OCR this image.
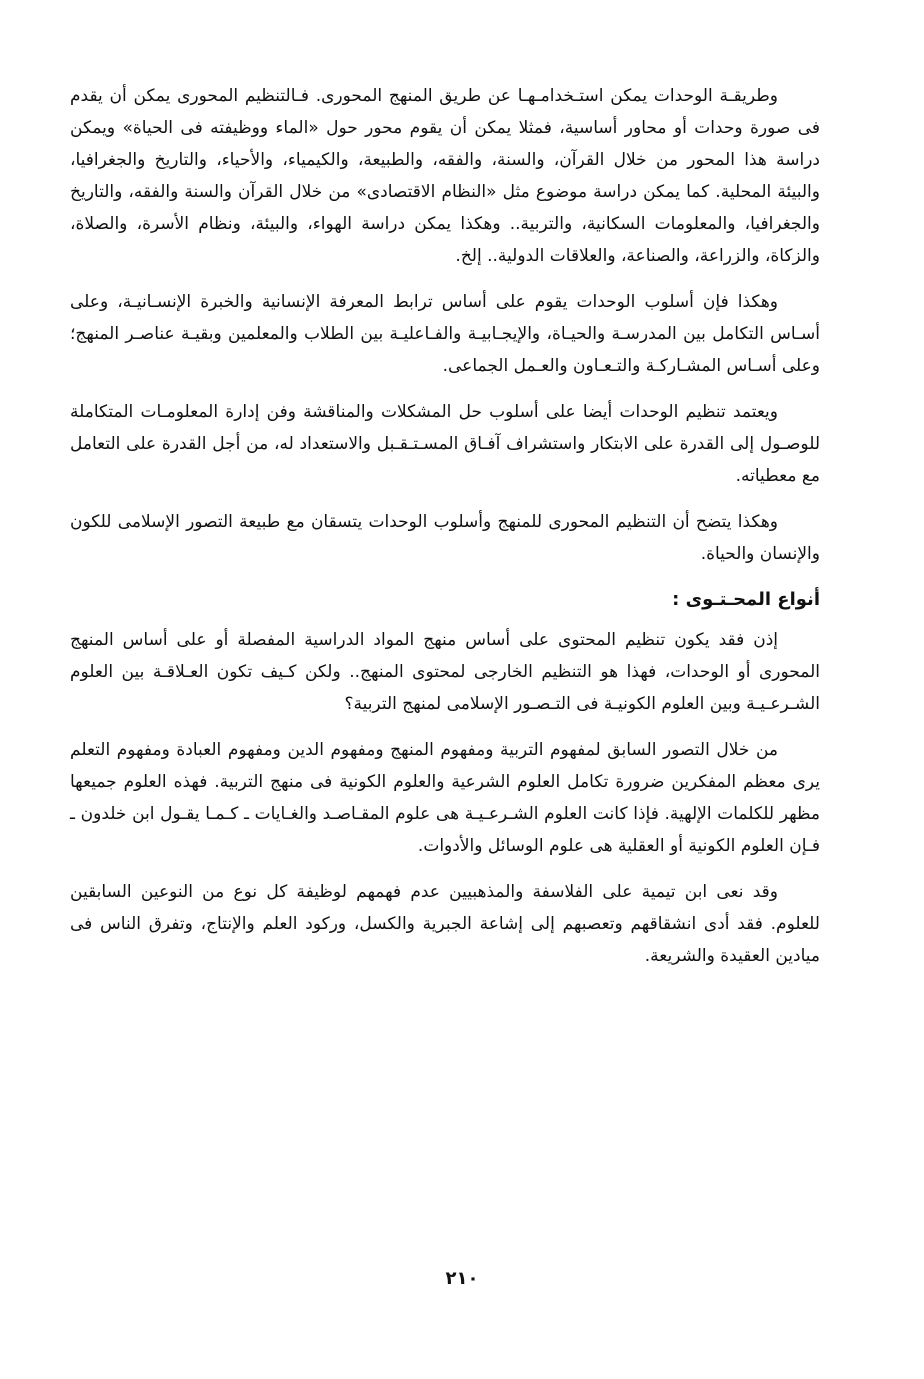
وطريقـة الوحدات يمكن استـخدامـهـا عن طريق المنهج المحورى. فـالتنظيم المحورى يمكن أن يقدم فى صورة وحدات أو محاور أساسية، فمثلا يمكن أن يقوم محور حول «الماء ووظيفته فى الحياة» ويمكن دراسة هذا المحور من خلال القرآن، والسنة، والفقه، والطبيعة، والكيمياء، والأحياء، والتاريخ والجغرافيا، والبيئة المحلية. كما يمكن دراسة موضوع مثل «النظام الاقتصادى» من خلال القرآن والسنة والفقه، والتاريخ والجغرافيا، والمعلومات السكانية، والتربية.. وهكذا يمكن دراسة الهواء، والبيئة، ونظام الأسرة، والصلاة، والزكاة، والزراعة، والصناعة، والعلاقات الدولية.. إلخ.

وهكذا فإن أسلوب الوحدات يقوم على أساس ترابط المعرفة الإنسانية والخبرة الإنسـانيـة، وعلى أسـاس التكامل بين المدرسـة والحيـاة، والإيجـابيـة والفـاعليـة بين الطلاب والمعلمين وبقيـة عناصـر المنهج؛ وعلى أسـاس المشـاركـة والتـعـاون والعـمل الجماعى.

ويعتمد تنظيم الوحدات أيضا على أسلوب حل المشكلات والمناقشة وفن إدارة المعلومـات المتكاملة للوصـول إلى القدرة على الابتكار واستشراف آفـاق المسـتـقـبل والاستعداد له، من أجل القدرة على التعامل مع معطياته.

وهكذا يتضح أن التنظيم المحورى للمنهج وأسلوب الوحدات يتسقان مع طبيعة التصور الإسلامى للكون والإنسان والحياة.

أنواع المحـتـوى :

إذن فقد يكون تنظيم المحتوى على أساس منهج المواد الدراسية المفصلة أو على أساس المنهج المحورى أو الوحدات، فهذا هو التنظيم الخارجى لمحتوى المنهج.. ولكن كـيف تكون العـلاقـة بين العلوم الشـرعـيـة وبين العلوم الكونيـة فى التـصـور الإسلامى لمنهج التربية؟

من خلال التصور السابق لمفهوم التربية ومفهوم المنهج ومفهوم الدين ومفهوم العبادة ومفهوم التعلم يرى معظم المفكرين ضرورة تكامل العلوم الشرعية والعلوم الكونية فى منهج التربية. فهذه العلوم جميعها مظهر للكلمات الإلهية. فإذا كانت العلوم الشـرعـيـة هى علوم المقـاصـد والغـايات ـ كـمـا يقـول ابن خلدون ـ فـإن العلوم الكونية أو العقلية هى علوم الوسائل والأدوات.

وقد نعى ابن تيمية على الفلاسفة والمذهبيين عدم فهمهم لوظيفة كل نوع من النوعين السابقين للعلوم. فقد أدى انشقاقهم وتعصبهم إلى إشاعة الجبرية والكسل، وركود العلم والإنتاج، وتفرق الناس فى ميادين العقيدة والشريعة.

٢١٠
